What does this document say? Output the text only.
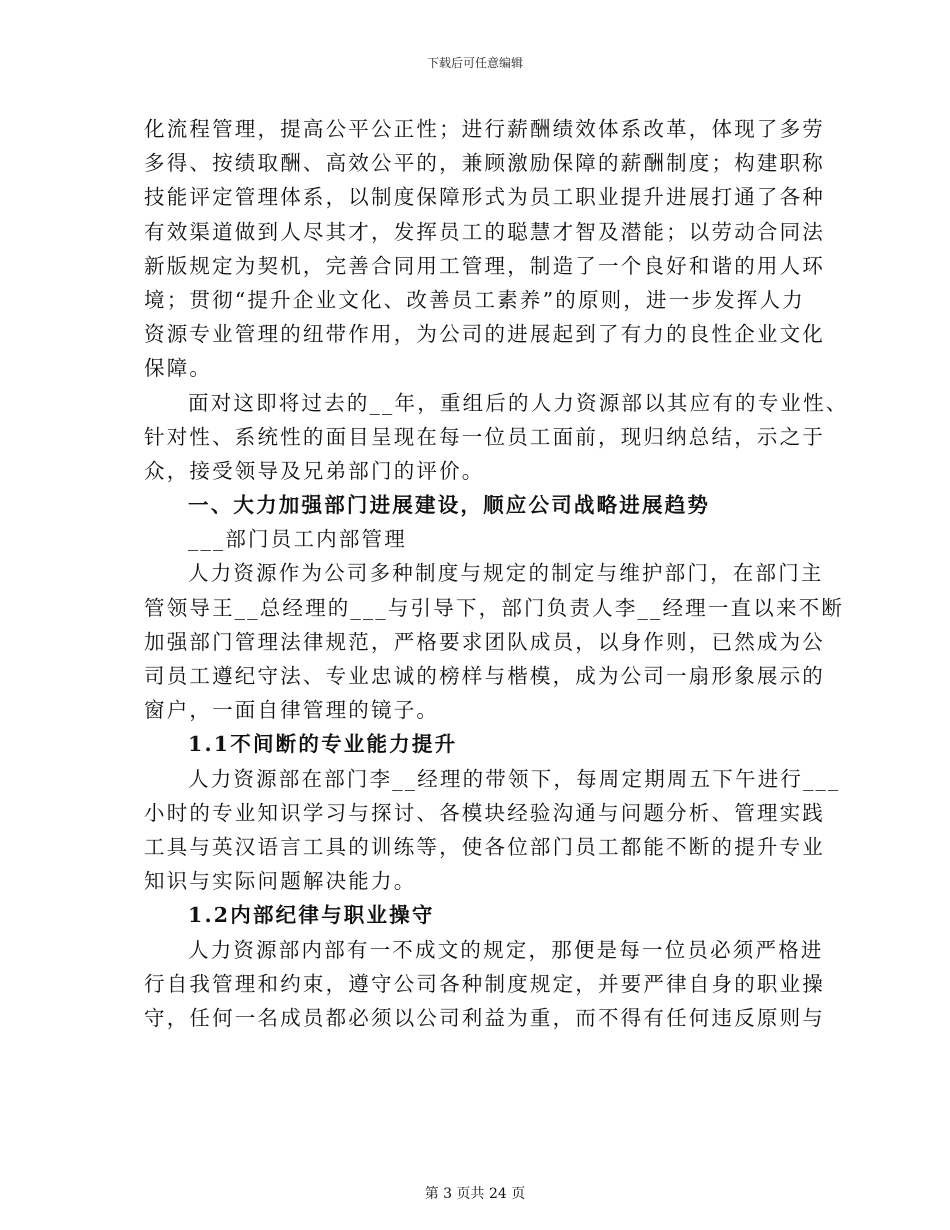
下载后可任意编辑
化流程管理，提高公平公正性；进行薪酬绩效体系改革，体现了多劳
多得、按绩取酬、高效公平的，兼顾激励保障的薪酬制度；构建职称
技能评定管理体系，以制度保障形式为员工职业提升进展打通了各种
有效渠道做到人尽其才，发挥员工的聪慧才智及潜能；以劳动合同法
新版规定为契机，完善合同用工管理，制造了一个良好和谐的用人环
境；贯彻“提升企业文化、改善员工素养”的原则，进一步发挥人力
资源专业管理的纽带作用，为公司的进展起到了有力的良性企业文化
保障。
面对这即将过去的__年，重组后的人力资源部以其应有的专业性、
针对性、系统性的面目呈现在每一位员工面前，现归纳总结，示之于
众，接受领导及兄弟部门的评价。
一、大力加强部门进展建设，顺应公司战略进展趋势
___部门员工内部管理
人力资源作为公司多种制度与规定的制定与维护部门，在部门主
管领导王__总经理的___与引导下，部门负责人李__经理一直以来不断
加强部门管理法律规范，严格要求团队成员，以身作则，已然成为公
司员工遵纪守法、专业忠诚的榜样与楷模，成为公司一扇形象展示的
窗户，一面自律管理的镜子。
1.1不间断的专业能力提升
人力资源部在部门李__经理的带领下，每周定期周五下午进行___
小时的专业知识学习与探讨、各模块经验沟通与问题分析、管理实践
工具与英汉语言工具的训练等，使各位部门员工都能不断的提升专业
知识与实际问题解决能力。
1.2内部纪律与职业操守
人力资源部内部有一不成文的规定，那便是每一位员必须严格进
行自我管理和约束，遵守公司各种制度规定，并要严律自身的职业操
守，任何一名成员都必须以公司利益为重，而不得有任何违反原则与
第 3 页共 24 页
